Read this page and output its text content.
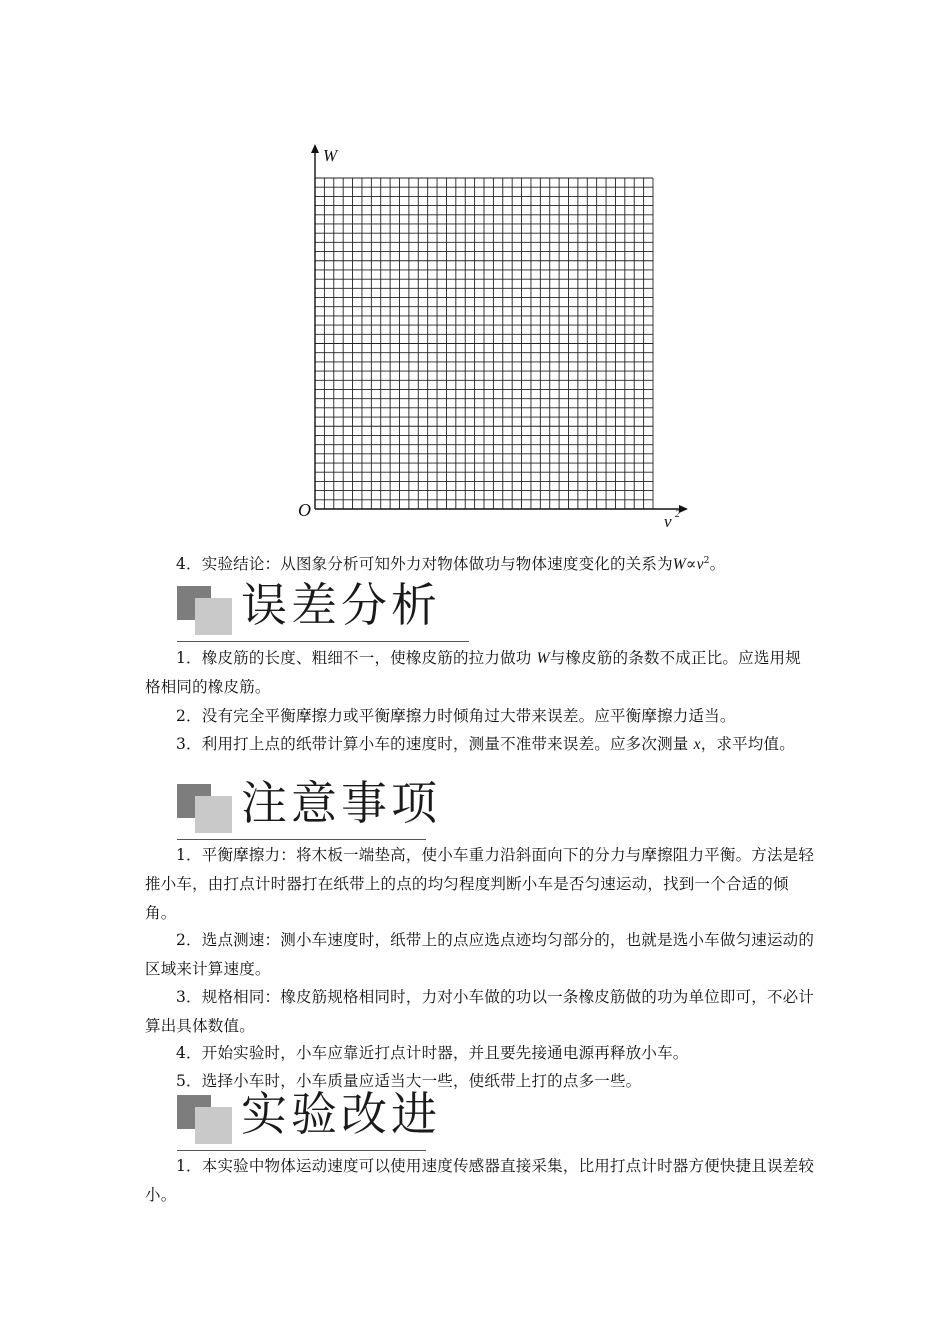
W
O
v 2

4．实验结论：从图象分析可知外力对物体做功与物体速度变化的关系为$W\propto v^2$。

误差分析

1．橡皮筋的长度、粗细不一，使橡皮筋的拉力做功 W与橡皮筋的条数不成正比。应选用规格相同的橡皮筋。

2．没有完全平衡摩擦力或平衡摩擦力时倾角过大带来误差。应平衡摩擦力适当。

3．利用打上点的纸带计算小车的速度时，测量不准带来误差。应多次测量 x，求平均值。

注意事项

1．平衡摩擦力：将木板一端垫高，使小车重力沿斜面向下的分力与摩擦阻力平衡。方法是轻推小车，由打点计时器打在纸带上的点的均匀程度判断小车是否匀速运动，找到一个合适的倾角。

2．选点测速：测小车速度时，纸带上的点应选点迹均匀部分的，也就是选小车做匀速运动的区域来计算速度。

3．规格相同：橡皮筋规格相同时，力对小车做的功以一条橡皮筋做的功为单位即可，不必计算出具体数值。

4．开始实验时，小车应靠近打点计时器，并且要先接通电源再释放小车。

5．选择小车时，小车质量应适当大一些，使纸带上打的点多一些。

实验改进

1．本实验中物体运动速度可以使用速度传感器直接采集，比用打点计时器方便快捷且误差较小。
